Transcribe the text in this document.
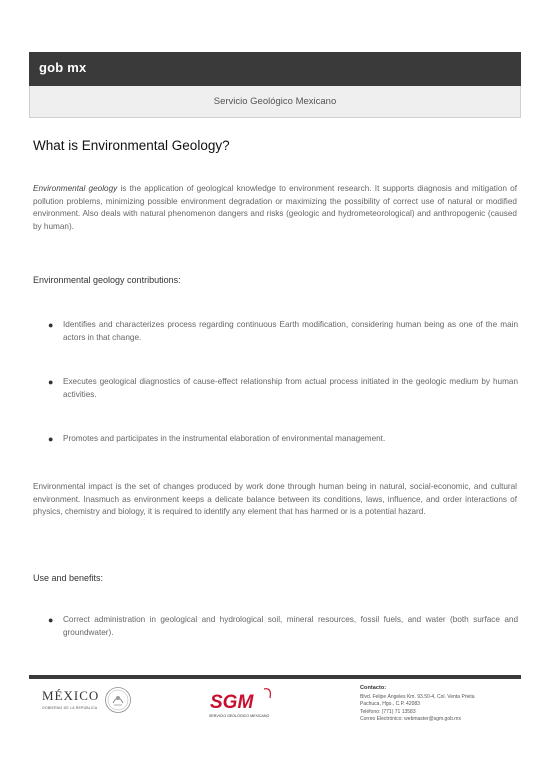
gob mx
Servicio Geológico Mexicano
What is Environmental Geology?
Environmental geology is the application of geological knowledge to environment research. It supports diagnosis and mitigation of pollution problems, minimizing possible environment degradation or maximizing the possibility of correct use of natural or modified environment. Also deals with natural phenomenon dangers and risks (geologic and hydrometeorological) and anthropogenic (caused by human).
Environmental geology contributions:
● Identifies and characterizes process regarding continuous Earth modification, considering human being as one of the main actors in that change.
● Executes geological diagnostics of cause-effect relationship from actual process initiated in the geologic medium by human activities.
● Promotes and participates in the instrumental elaboration of environmental management.
Environmental impact is the set of changes produced by work done through human being in natural, social-economic, and cultural environment. Inasmuch as environment keeps a delicate balance between its conditions, laws, influence, and order interactions of physics, chemistry and biology, it is required to identify any element that has harmed or is a potential hazard.
Use and benefits:
● Correct administration in geological and hydrological soil, mineral resources, fossil fuels, and water (both surface and groundwater).
MÉXICO
GOBIERNO DE LA REPÚBLICA	SGM
SERVICIO GEOLÓGICO MEXICANO
Contacto:
Blvd. Felipe Ángeles Km. 93.50-4, Col. Venta Prieta
Pachuca, Hgo., C.P. 42083
Teléfono: (771) 71 13583
Correo Electrónico: webmaster@sgm.gob.mx
